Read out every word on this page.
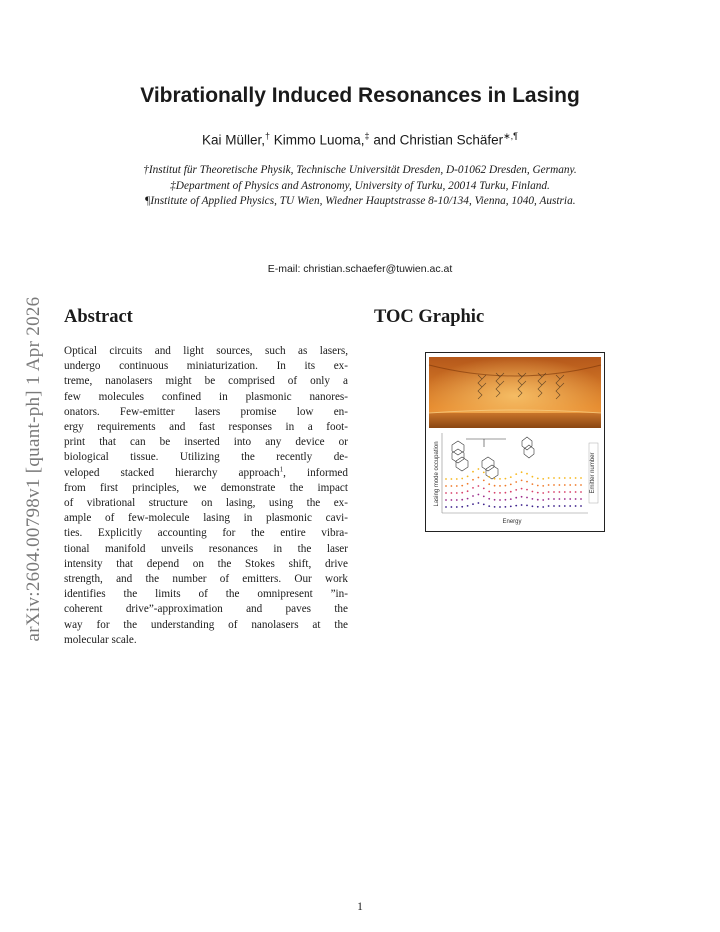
arXiv:2604.00798v1 [quant-ph] 1 Apr 2026
Vibrationally Induced Resonances in Lasing
Kai Müller,† Kimmo Luoma,‡ and Christian Schäfer∗,¶
†Institut für Theoretische Physik, Technische Universität Dresden, D-01062 Dresden, Germany.
‡Department of Physics and Astronomy, University of Turku, 20014 Turku, Finland.
¶Institute of Applied Physics, TU Wien, Wiedner Hauptstrasse 8-10/134, Vienna, 1040, Austria.
E-mail: christian.schaefer@tuwien.ac.at
Abstract	TOC Graphic
Optical circuits and light sources, such as lasers,
undergo continuous miniaturization. In its ex-
treme, nanolasers might be comprised of only a
few molecules confined in plasmonic nanores-
onators. Few-emitter lasers promise low en-
ergy requirements and fast responses in a foot-
print that can be inserted into any device or
biological tissue. Utilizing the recently de-
veloped stacked hierarchy approach$^1$, informed
from first principles, we demonstrate the impact
of vibrational structure on lasing, using the ex-
ample of few-molecule lasing in plasmonic cavi-
ties. Explicitly accounting for the entire vibra-
tional manifold unveils resonances in the laser
intensity that depend on the Stokes shift, drive
strength, and the number of emitters. Our work
identifies the limits of the omnipresent ”in-
coherent drive”-approximation and paves the
way for the understanding of nanolasers at the
molecular scale.
Lasing mode occupation
Energy
Emitter number
1
